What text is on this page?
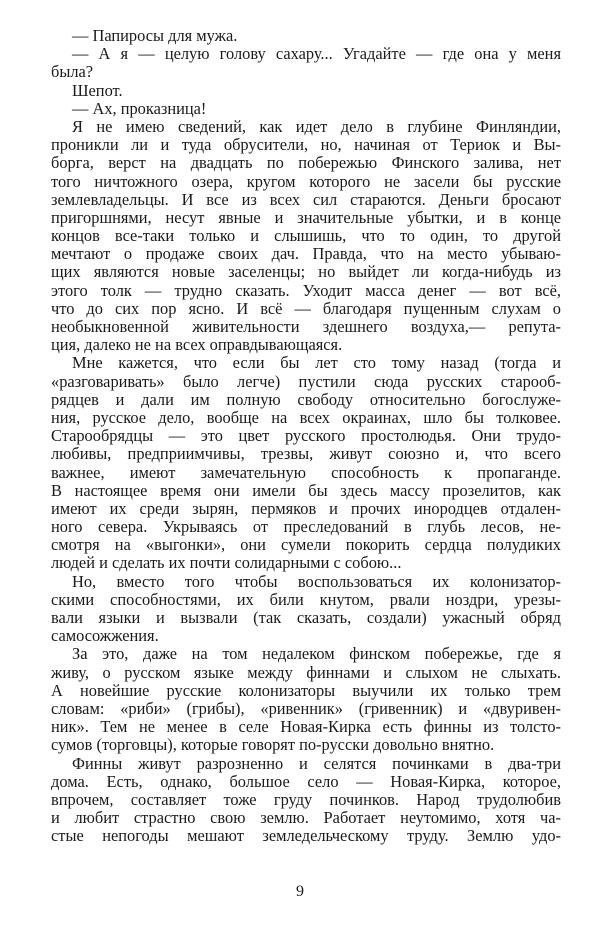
— Папиросы для мужа.
— А я — целую голову сахару... Угадайте — где она у меня
была?
Шепот.
— Ах, проказница!
Я не имею сведений, как идет дело в глубине Финляндии,
проникли ли и туда обрусители, но, начиная от Териок и Вы-
борга, верст на двадцать по побережью Финского залива, нет
того ничтожного озера, кругом которого не засели бы русские
землевладельцы. И все из всех сил стараются. Деньги бросают
пригоршнями, несут явные и значительные убытки, и в конце
концов все-таки только и слышишь, что то один, то другой
мечтают о продаже своих дач. Правда, что на место убываю-
щих являются новые заселенцы; но выйдет ли когда-нибудь из
этого толк — трудно сказать. Уходит масса денег — вот всё,
что до сих пор ясно. И всё — благодаря пущенным слухам о
необыкновенной живительности здешнего воздуха,— репута-
ция, далеко не на всех оправдывающаяся.
Мне кажется, что если бы лет сто тому назад (тогда и
«разговаривать» было легче) пустили сюда русских старооб-
рядцев и дали им полную свободу относительно богослуже-
ния, русское дело, вообще на всех окраинах, шло бы толковее.
Старообрядцы — это цвет русского простолюдья. Они трудо-
любивы, предприимчивы, трезвы, живут союзно и, что всего
важнее, имеют замечательную способность к пропаганде.
В настоящее время они имели бы здесь массу прозелитов, как
имеют их среди зырян, пермяков и прочих инородцев отдален-
ного севера. Укрываясь от преследований в глубь лесов, не-
смотря на «выгонки», они сумели покорить сердца полудиких
людей и сделать их почти солидарными с собою...
Но, вместо того чтобы воспользоваться их колонизатор-
скими способностями, их били кнутом, рвали ноздри, урезы-
вали языки и вызвали (так сказать, создали) ужасный обряд
самосожжения.
За это, даже на том недалеком финском побережье, где я
живу, о русском языке между финнами и слыхом не слыхать.
А новейшие русские колонизаторы выучили их только трем
словам: «риби» (грибы), «ривенник» (гривенник) и «двуривен-
ник». Тем не менее в селе Новая-Кирка есть финны из толсто-
сумов (торговцы), которые говорят по-русски довольно внятно.
Финны живут разрозненно и селятся починками в два-три
дома. Есть, однако, большое село — Новая-Кирка, которое,
впрочем, составляет тоже груду починков. Народ трудолюбив
и любит страстно свою землю. Работает неутомимо, хотя ча-
стые непогоды мешают земледельческому труду. Землю удо-
9
